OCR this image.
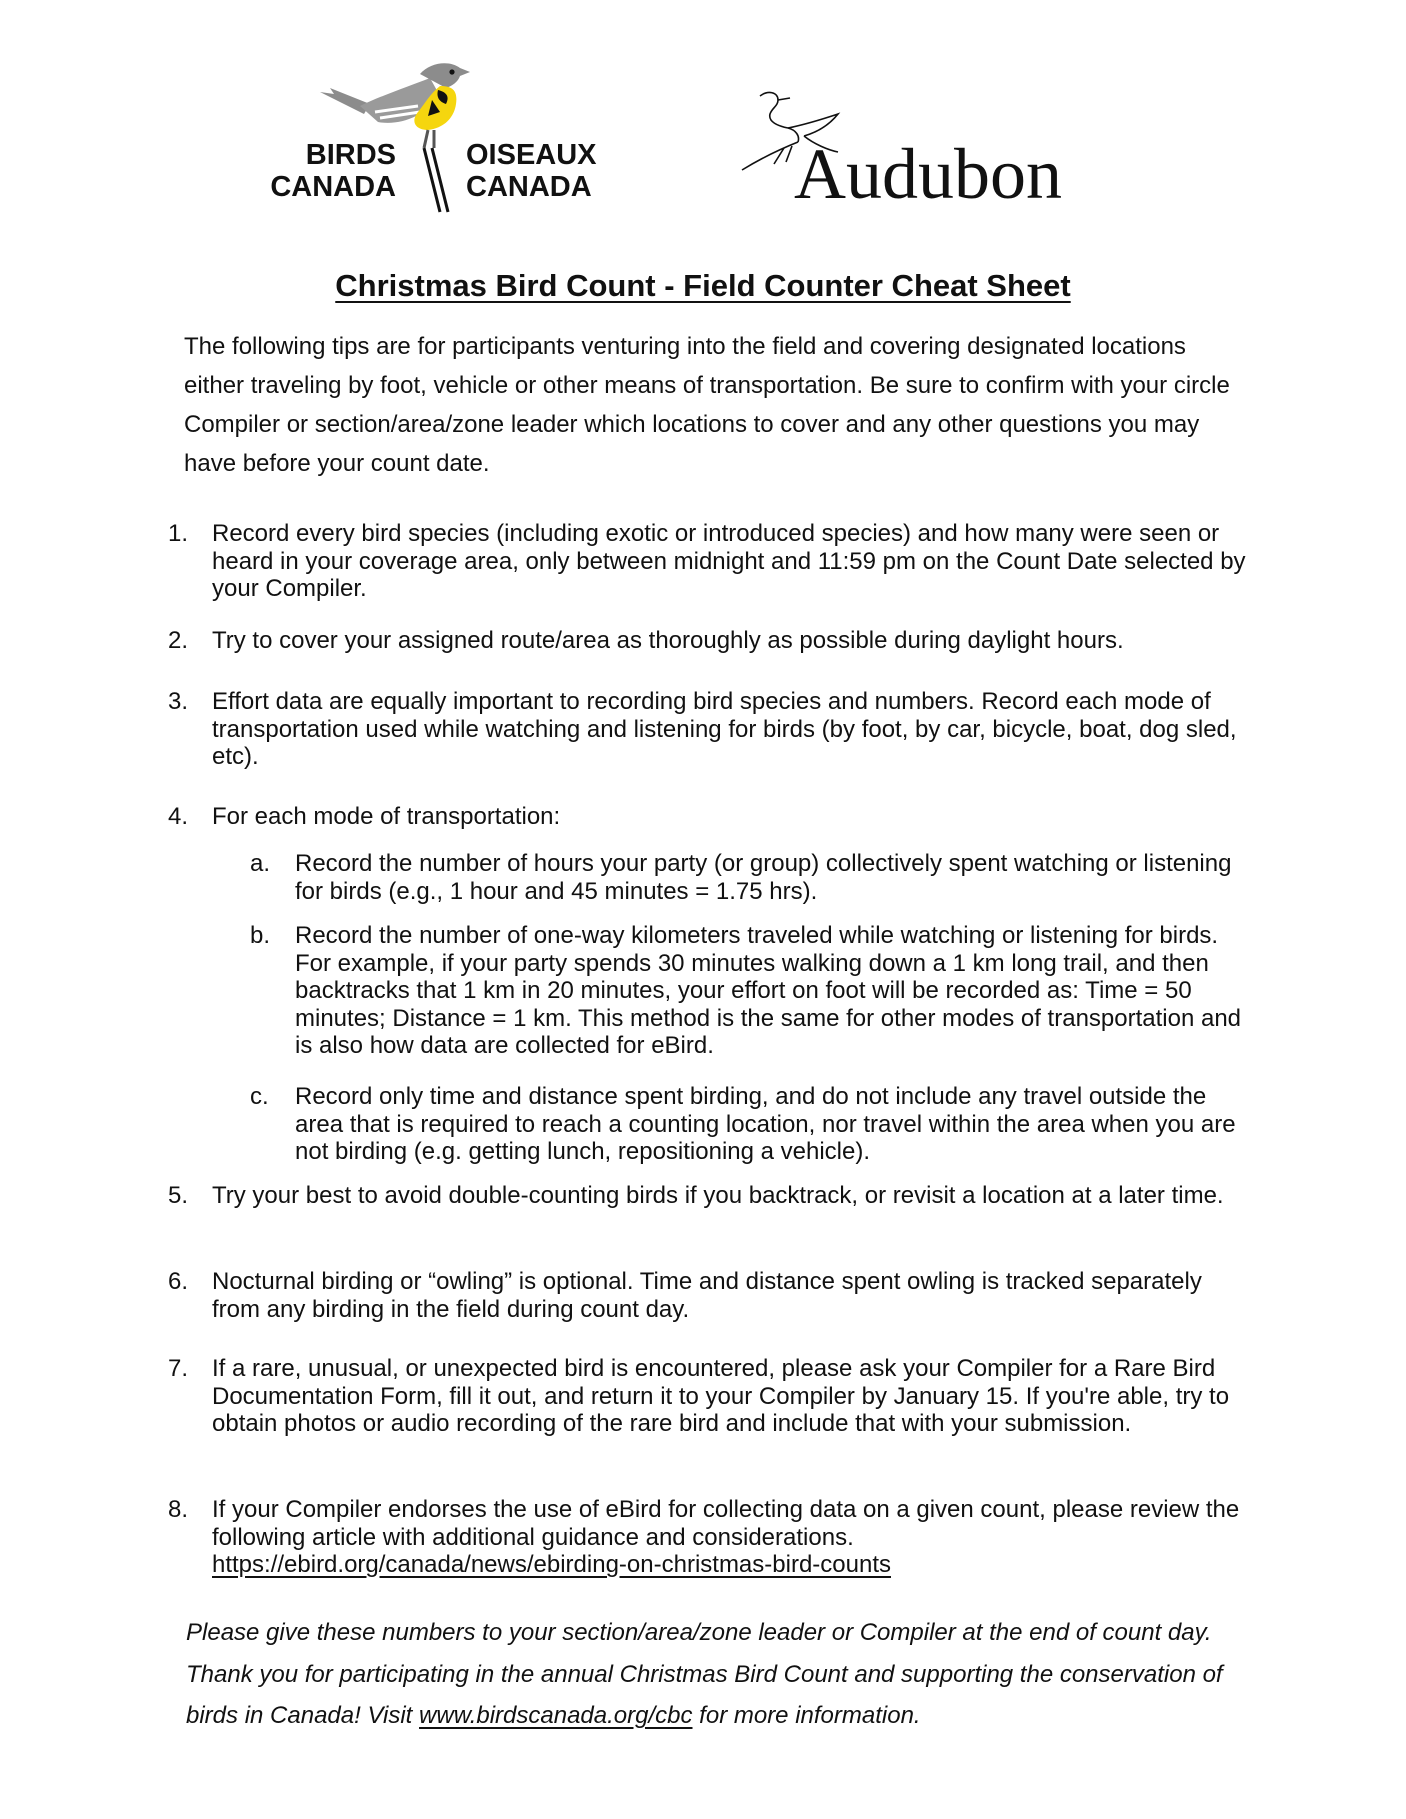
BIRDS
CANADA
OISEAUX
CANADA	Audubon
Christmas Bird Count - Field Counter Cheat Sheet

The following tips are for participants venturing into the field and covering designated locations either traveling by foot, vehicle or other means of transportation. Be sure to confirm with your circle Compiler or section/area/zone leader which locations to cover and any other questions you may have before your count date.

1. Record every bird species (including exotic or introduced species) and how many were seen or heard in your coverage area, only between midnight and 11:59 pm on the Count Date selected by your Compiler.
2. Try to cover your assigned route/area as thoroughly as possible during daylight hours.
3. Effort data are equally important to recording bird species and numbers. Record each mode of transportation used while watching and listening for birds (by foot, by car, bicycle, boat, dog sled, etc).
4. For each mode of transportation:
a.	Record the number of hours your party (or group) collectively spent watching or listening for birds (e.g., 1 hour and 45 minutes = 1.75 hrs).
b.	Record the number of one-way kilometers traveled while watching or listening for birds. For example, if your party spends 30 minutes walking down a 1 km long trail, and then backtracks that 1 km in 20 minutes, your effort on foot will be recorded as: Time = 50 minutes; Distance = 1 km. This method is the same for other modes of transportation and is also how data are collected for eBird.
c.	Record only time and distance spent birding, and do not include any travel outside the area that is required to reach a counting location, nor travel within the area when you are not birding (e.g. getting lunch, repositioning a vehicle).
5. Try your best to avoid double-counting birds if you backtrack, or revisit a location at a later time.
6. Nocturnal birding or “owling” is optional. Time and distance spent owling is tracked separately from any birding in the field during count day.
7. If a rare, unusual, or unexpected bird is encountered, please ask your Compiler for a Rare Bird Documentation Form, fill it out, and return it to your Compiler by January 15. If you're able, try to obtain photos or audio recording of the rare bird and include that with your submission.
8. If your Compiler endorses the use of eBird for collecting data on a given count, please review the following article with additional guidance and considerations. https://ebird.org/canada/news/ebirding-on-christmas-bird-counts
Please give these numbers to your section/area/zone leader or Compiler at the end of count day. Thank you for participating in the annual Christmas Bird Count and supporting the conservation of birds in Canada! Visit www.birdscanada.org/cbc for more information.
